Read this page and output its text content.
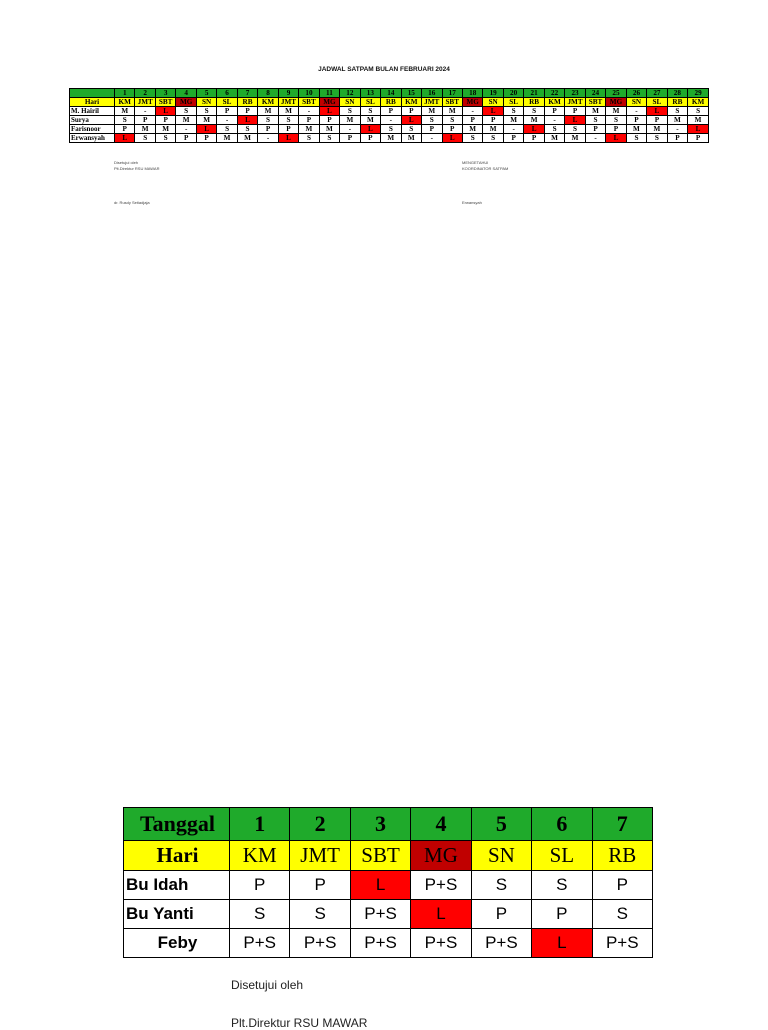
JADWAL SATPAM BULAN FEBRUARI 2024
	1	2	3	4	5	6	7	8	9	10	11	12	13	14	15	16	17	18	19	20	21	22	23	24	25	26	27	28	29
Hari	KM	JMT	SBT	MG	SN	SL	RB	KM	JMT	SBT	MG	SN	SL	RB	KM	JMT	SBT	MG	SN	SL	RB	KM	JMT	SBT	MG	SN	SL	RB	KM
M. Hairil	M	-	L	S	S	P	P	M	M	-	L	S	S	P	P	M	M	-	L	S	S	P	P	M	M	-	L	S	S
Surya	S	P	P	M	M	-	L	S	S	P	P	M	M	-	L	S	S	P	P	M	M	-	L	S	S	P	P	M	M
Farisnoor	P	M	M	-	L	S	S	P	P	M	M	-	L	S	S	P	P	M	M	-	L	S	S	P	P	M	M	-	L
Erwansyah	L	S	S	P	P	M	M	-	L	S	S	P	P	M	M	-	L	S	S	P	P	M	M	-	L	S	S	P	P
Disetujui oleh
Plt.Direktur RSU MAWAR
dr. Rusdy Setiadjaja
MENGETAHUI
KOORDINATOR SATPAM
Erwansyah
Tanggal	1	2	3	4	5	6	7
Hari	KM	JMT	SBT	MG	SN	SL	RB
Bu Idah	P	P	L	P+S	S	S	P
Bu Yanti	S	S	P+S	L	P	P	S
Feby	P+S	P+S	P+S	P+S	P+S	L	P+S
Disetujui oleh
Plt.Direktur RSU MAWAR
